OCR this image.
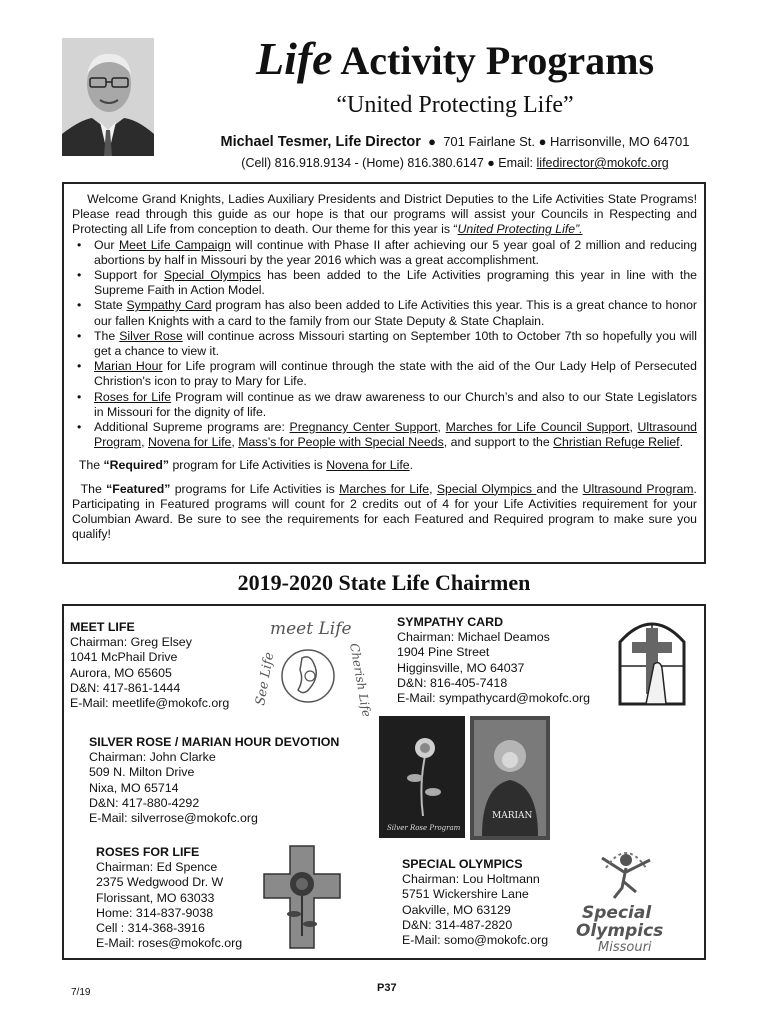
Life Activity Programs
“United Protecting Life”
Michael Tesmer, Life Director  ●  701 Fairlane St. ● Harrisonville, MO 64701
(Cell) 816.918.9134 - (Home) 816.380.6147 ● Email: lifedirector@mokofc.org

Welcome Grand Knights, Ladies Auxiliary Presidents and District Deputies to the Life Activities State Programs! Please read through this guide as our hope is that our programs will assist your Councils in Respecting and Protecting all Life from conception to death. Our theme for this year is “United Protecting Life”.

• Our Meet Life Campaign will continue with Phase II after achieving our 5 year goal of 2 million and reducing abortions by half in Missouri by the year 2016 which was a great accomplishment.
• Support for Special Olympics has been added to the Life Activities programing this year in line with the Supreme Faith in Action Model.
• State Sympathy Card program has also been added to Life Activities this year. This is a great chance to honor our fallen Knights with a card to the family from our State Deputy & State Chaplain.
• The Silver Rose will continue across Missouri starting on September 10th to October 7th so hopefully you will get a chance to view it.
• Marian Hour for Life program will continue through the state with the aid of the Our Lady Help of Persecuted Christion's icon to pray to Mary for Life.
• Roses for Life Program will continue as we draw awareness to our Church’s and also to our State Legislators in Missouri for the dignity of life.
• Additional Supreme programs are: Pregnancy Center Support, Marches for Life Council Support, Ultrasound Program, Novena for Life, Mass’s for People with Special Needs, and support to the Christian Refuge Relief.

The “Required” program for Life Activities is Novena for Life.

The “Featured” programs for Life Activities is Marches for Life, Special Olympics and the Ultrasound Program. Participating in Featured programs will count for 2 credits out of 4 for your Life Activities requirement for your Columbian Award. Be sure to see the requirements for each Featured and Required program to make sure you qualify!

2019-2020 State Life Chairmen
MEET LIFE
Chairman: Greg Elsey
1041 McPhail Drive
Aurora, MO 65605
D&N: 417-861-1444
E-Mail: meetlife@mokofc.org
meet Life
See Life	Cherish Life
SYMPATHY CARD
Chairman: Michael Deamos
1904 Pine Street
Higginsville, MO 64037
D&N: 816-405-7418
E-Mail: sympathycard@mokofc.org
SILVER ROSE / MARIAN HOUR DEVOTION
Chairman: John Clarke
509 N. Milton Drive
Nixa, MO 65714
D&N: 417-880-4292
E-Mail: silverrose@mokofc.org
Silver Rose Program
MARIAN
ROSES FOR LIFE
Chairman: Ed Spence
2375 Wedgwood Dr. W
Florissant, MO 63033
Home: 314-837-9038
Cell : 314-368-3916
E-Mail: roses@mokofc.org
SPECIAL OLYMPICS
Chairman: Lou Holtmann
5751 Wickershire Lane
Oakville, MO 63129
D&N: 314-487-2820
E-Mail: somo@mokofc.org
Special
Olympics
Missouri
7/19	P37
